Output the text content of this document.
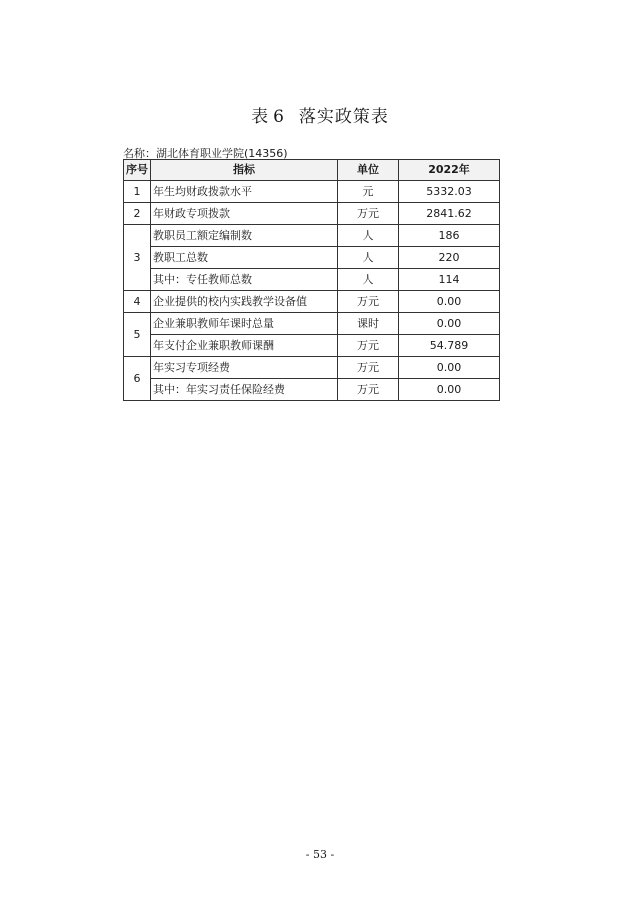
表 6 落实政策表
名称：湖北体育职业学院(14356)
序号	指标	单位	2022年
1	年生均财政拨款水平	元	5332.03
2	年财政专项拨款	万元	2841.62
3	教职员工额定编制数	人	186
	教职工总数	人	220
	其中：专任教师总数	人	114
4	企业提供的校内实践教学设备值	万元	0.00
5	企业兼职教师年课时总量	课时	0.00
	年支付企业兼职教师课酬	万元	54.789
6	年实习专项经费	万元	0.00
	其中：年实习责任保险经费	万元	0.00
- 53 -
